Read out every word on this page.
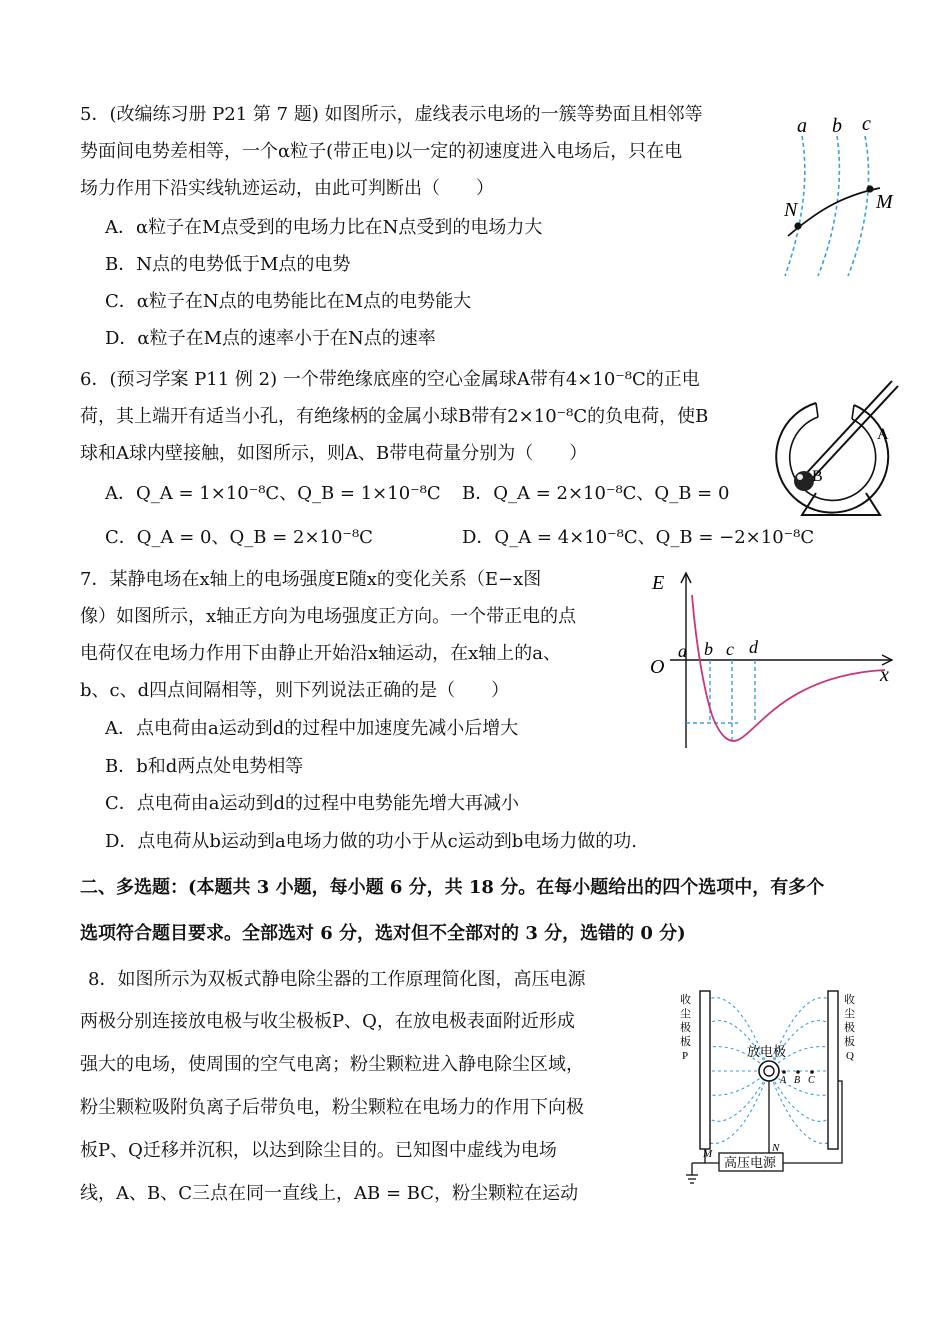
5．(改编练习册 P21 第 7 题) 如图所示，虚线表示电场的一簇等势面且相邻等
势面间电势差相等，一个α粒子(带正电)以一定的初速度进入电场后，只在电
场力作用下沿实线轨迹运动，由此可判断出（　　）
A．α粒子在M点受到的电场力比在N点受到的电场力大
B．N点的电势低于M点的电势
C．α粒子在N点的电势能比在M点的电势能大
D．α粒子在M点的速率小于在N点的速率
a b c
N	M
6．(预习学案 P11 例 2) 一个带绝缘底座的空心金属球A带有4×10⁻⁸C的正电
荷，其上端开有适当小孔，有绝缘柄的金属小球B带有2×10⁻⁸C的负电荷，使B
球和A球内壁接触，如图所示，则A、B带电荷量分别为（　　）
A．Q_A = 1×10⁻⁸C、Q_B = 1×10⁻⁸C B．Q_A = 2×10⁻⁸C、Q_B = 0
C．Q_A = 0、Q_B = 2×10⁻⁸C	D．Q_A = 4×10⁻⁸C、Q_B = −2×10⁻⁸C
A
B
7．某静电场在x轴上的电场强度E随x的变化关系（E−x图
像）如图所示，x轴正方向为电场强度正方向。一个带正电的点
电荷仅在电场力作用下由静止开始沿x轴运动，在x轴上的a、
b、c、d四点间隔相等，则下列说法正确的是（　　）
A．点电荷由a运动到d的过程中加速度先减小后增大
B．b和d两点处电势相等
C．点电荷由a运动到d的过程中电势能先增大再减小
D．点电荷从b运动到a电场力做的功小于从c运动到b电场力做的功.
E
O	x
a b c d
二、多选题：(本题共 3 小题，每小题 6 分，共 18 分。在每小题给出的四个选项中，有多个
选项符合题目要求。全部选对 6 分，选对但不全部对的 3 分，选错的 0 分)
8．如图所示为双板式静电除尘器的工作原理简化图，高压电源
两极分别连接放电极与收尘极板P、Q，在放电极表面附近形成
强大的电场，使周围的空气电离；粉尘颗粒进入静电除尘区域，
粉尘颗粒吸附负离子后带负电，粉尘颗粒在电场力的作用下向极
板P、Q迁移并沉积，以达到除尘目的。已知图中虚线为电场
线，A、B、C三点在同一直线上，AB = BC，粉尘颗粒在运动
收
尘
极
板
P
收
尘
极
板
Q
放电极
A B C
M	N
高压电源
